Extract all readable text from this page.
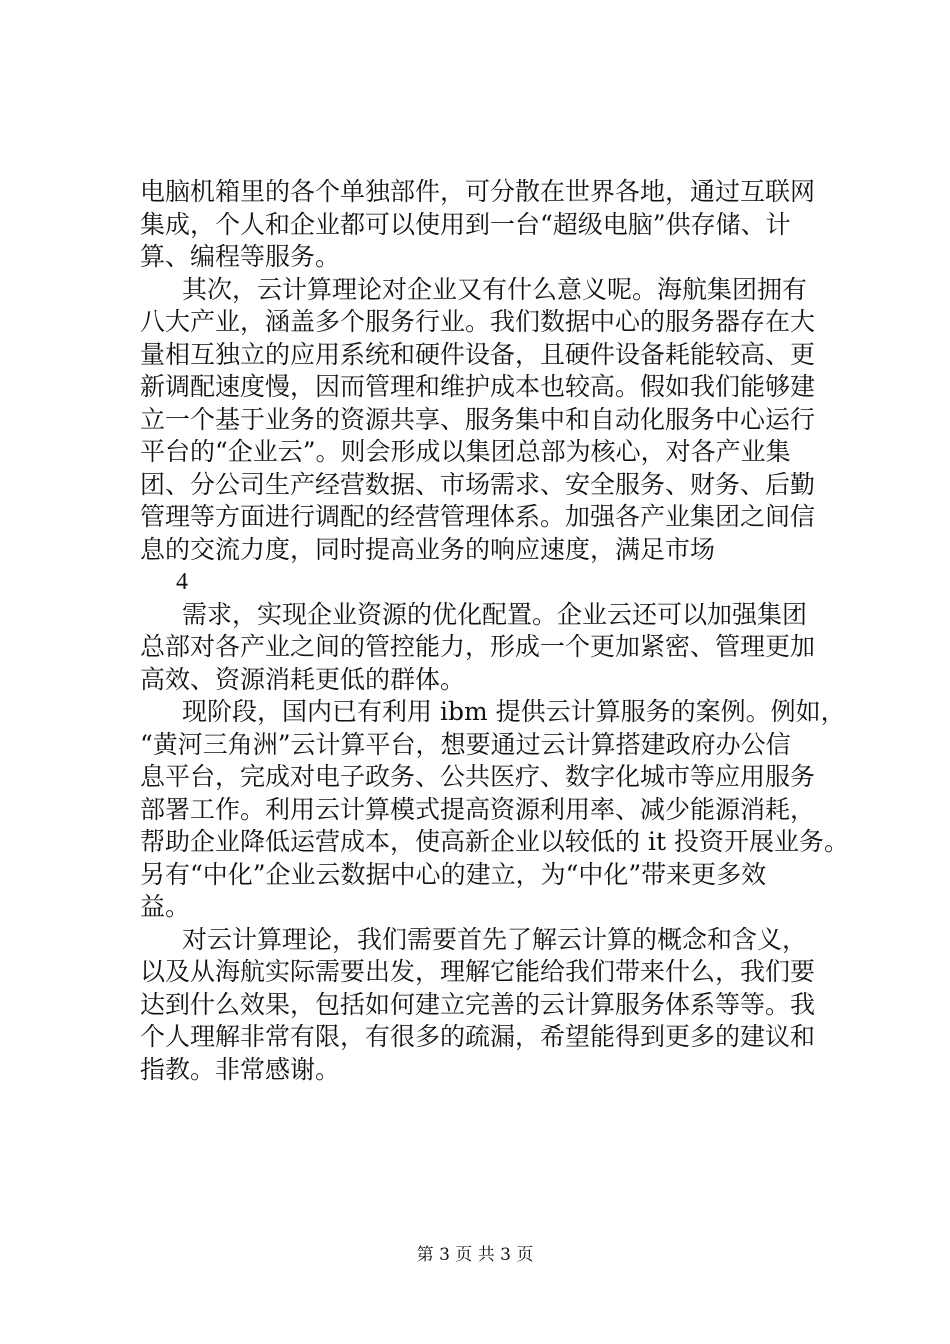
电脑机箱里的各个单独部件，可分散在世界各地，通过互联网
集成，个人和企业都可以使用到一台“超级电脑”供存储、计
算、编程等服务。
其次，云计算理论对企业又有什么意义呢。海航集团拥有
八大产业，涵盖多个服务行业。我们数据中心的服务器存在大
量相互独立的应用系统和硬件设备，且硬件设备耗能较高、更
新调配速度慢，因而管理和维护成本也较高。假如我们能够建
立一个基于业务的资源共享、服务集中和自动化服务中心运行
平台的“企业云”。则会形成以集团总部为核心，对各产业集
团、分公司生产经营数据、市场需求、安全服务、财务、后勤
管理等方面进行调配的经营管理体系。加强各产业集团之间信
息的交流力度，同时提高业务的响应速度，满足市场
4
需求，实现企业资源的优化配置。企业云还可以加强集团
总部对各产业之间的管控能力，形成一个更加紧密、管理更加
高效、资源消耗更低的群体。
现阶段，国内已有利用 ibm 提供云计算服务的案例。例如，
“黄河三角洲”云计算平台，想要通过云计算搭建政府办公信
息平台，完成对电子政务、公共医疗、数字化城市等应用服务
部署工作。利用云计算模式提高资源利用率、减少能源消耗，
帮助企业降低运营成本，使高新企业以较低的 it 投资开展业务。
另有“中化”企业云数据中心的建立，为“中化”带来更多效
益。
对云计算理论，我们需要首先了解云计算的概念和含义，
以及从海航实际需要出发，理解它能给我们带来什么，我们要
达到什么效果，包括如何建立完善的云计算服务体系等等。我
个人理解非常有限，有很多的疏漏，希望能得到更多的建议和
指教。非常感谢。
第 3 页 共 3 页
